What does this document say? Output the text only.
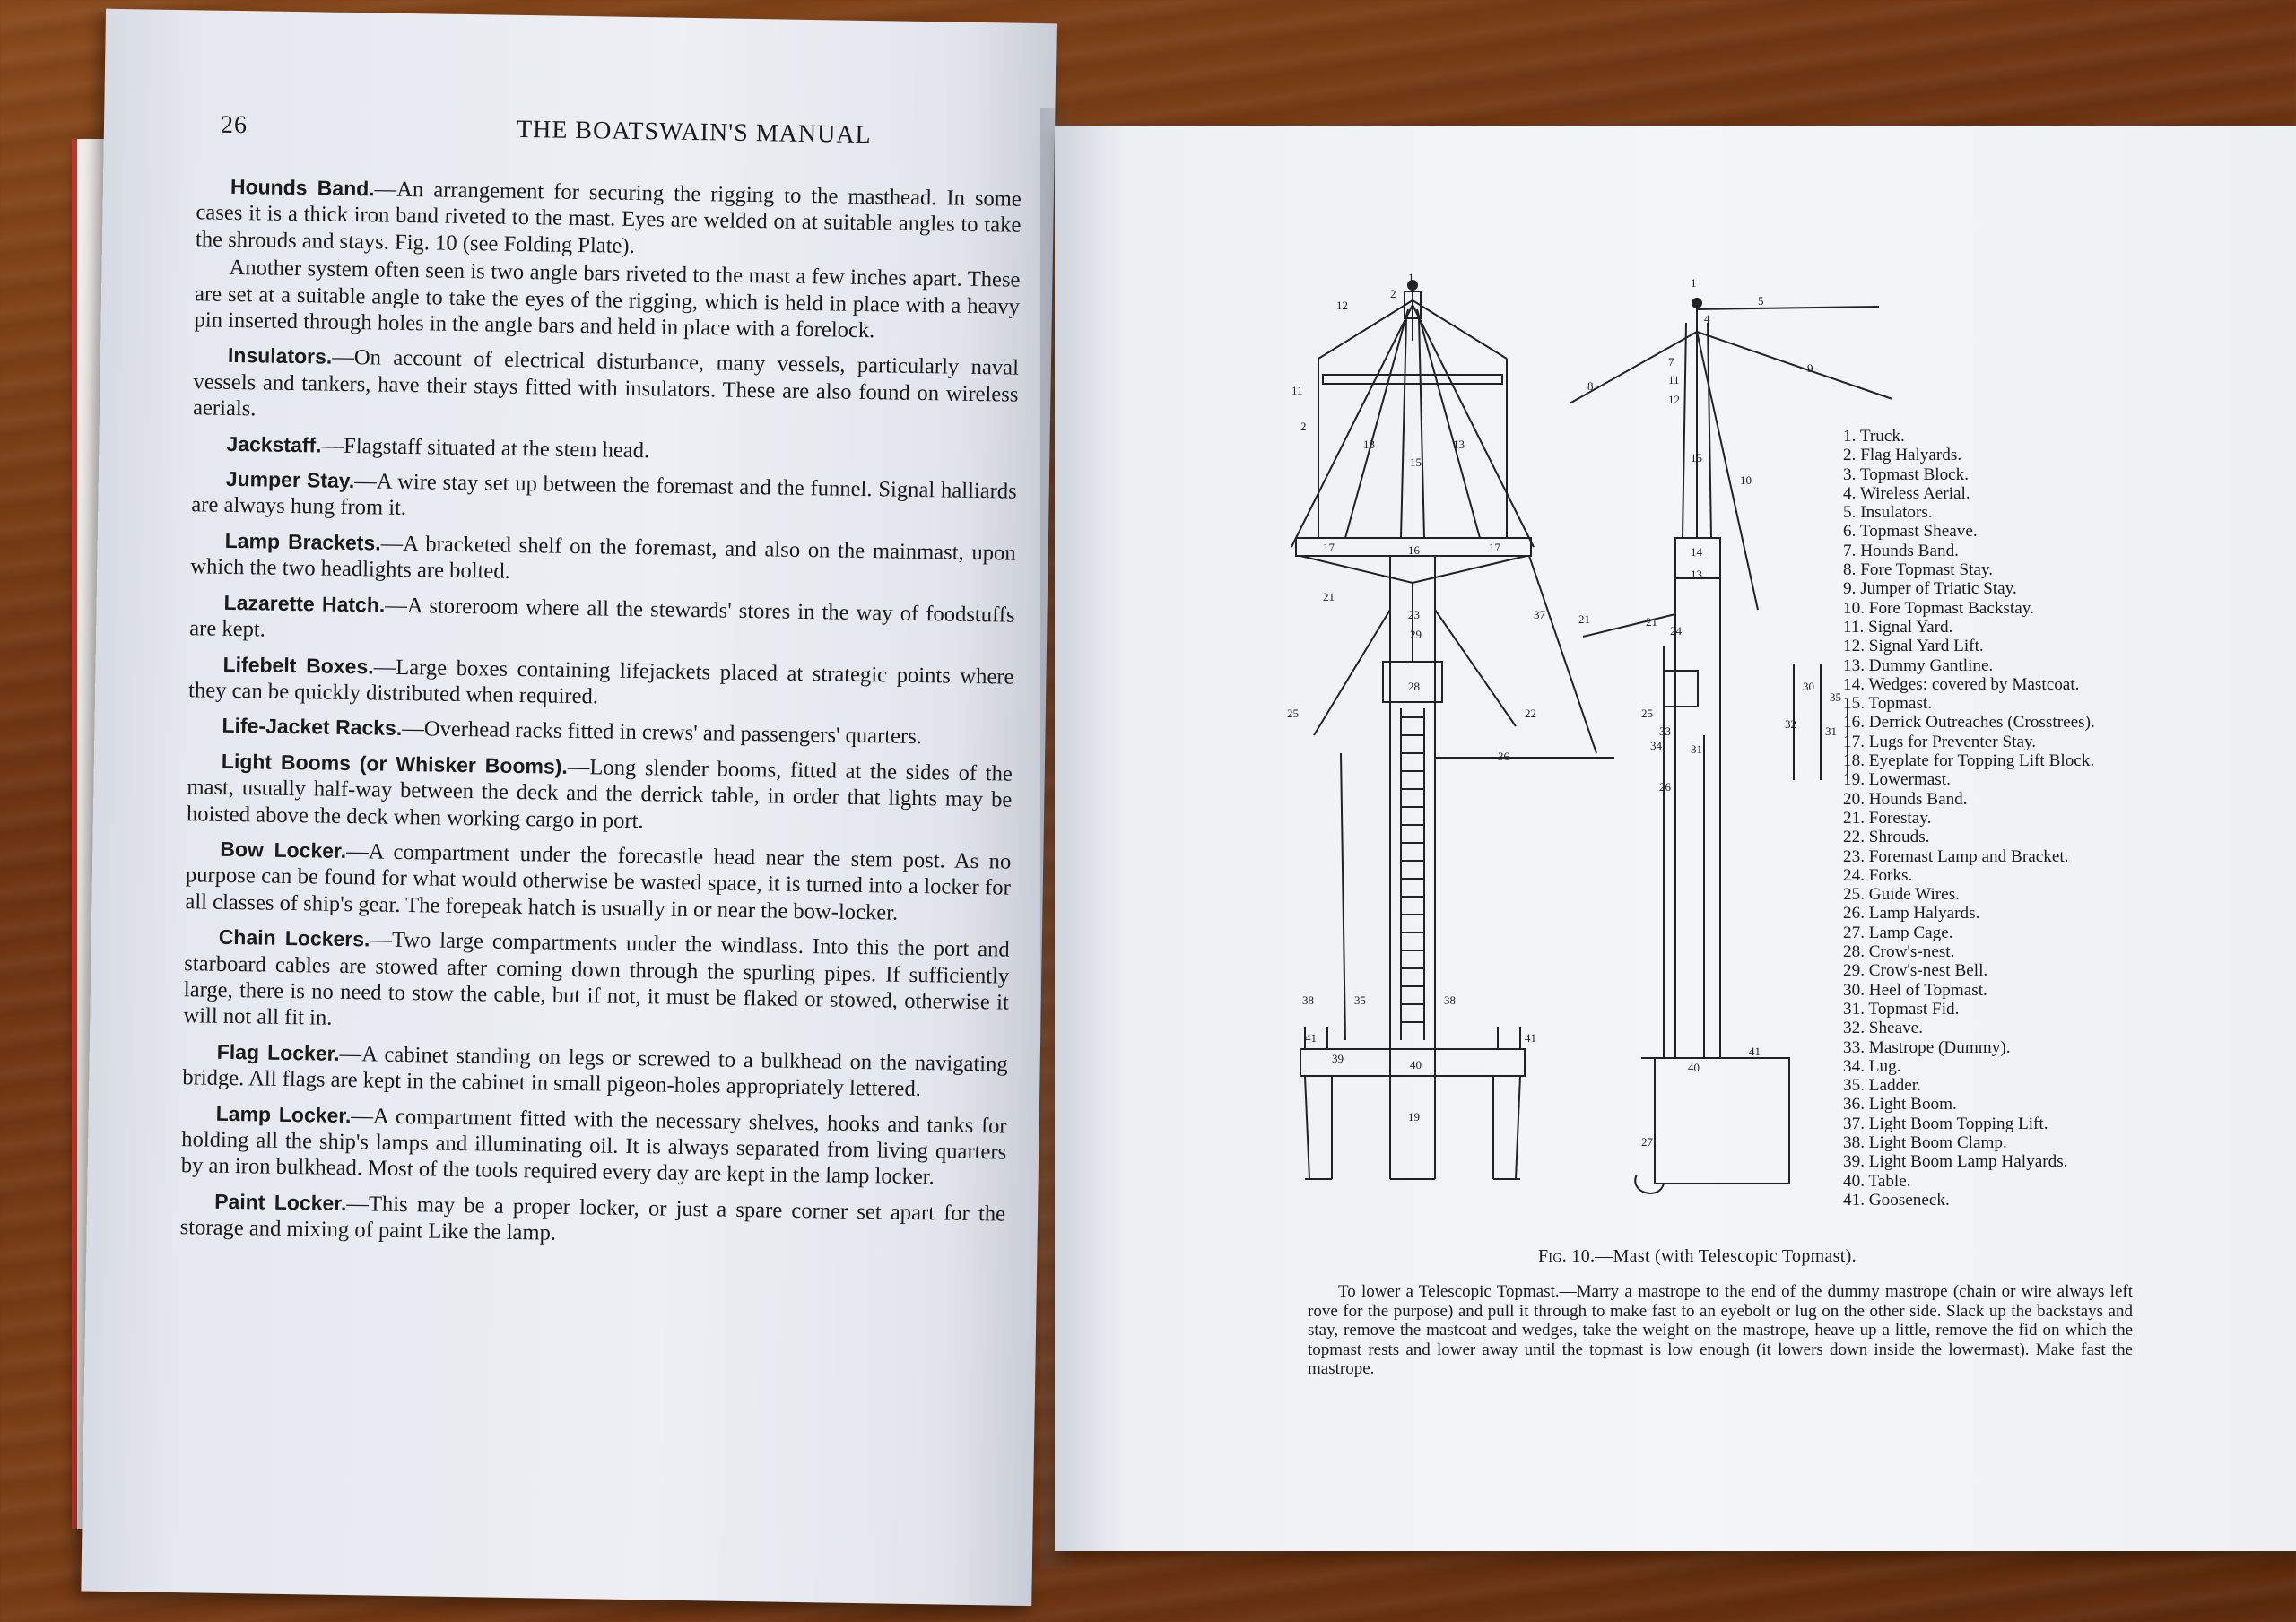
26	THE BOATSWAIN'S MANUAL

Hounds Band.—An arrangement for securing the rigging to the masthead. In some cases it is a thick iron band riveted to the mast. Eyes are welded on at suitable angles to take the shrouds and stays. Fig. 10 (see Folding Plate).

Another system often seen is two angle bars riveted to the mast a few inches apart. These are set at a suitable angle to take the eyes of the rigging, which is held in place with a heavy pin inserted through holes in the angle bars and held in place with a forelock.

Insulators.—On account of electrical disturbance, many vessels, particularly naval vessels and tankers, have their stays fitted with insulators. These are also found on wireless aerials.

Jackstaff.—Flagstaff situated at the stem head.

Jumper Stay.—A wire stay set up between the foremast and the funnel. Signal halliards are always hung from it.

Lamp Brackets.—A bracketed shelf on the foremast, and also on the mainmast, upon which the two headlights are bolted.

Lazarette Hatch.—A storeroom where all the stewards' stores in the way of foodstuffs are kept.

Lifebelt Boxes.—Large boxes containing lifejackets placed at strategic points where they can be quickly distributed when required.

Life-Jacket Racks.—Overhead racks fitted in crews' and passengers' quarters.

Light Booms (or Whisker Booms).—Long slender booms, fitted at the sides of the mast, usually half-way between the deck and the derrick table, in order that lights may be hoisted above the deck when working cargo in port.

Bow Locker.—A compartment under the forecastle head near the stem post. As no purpose can be found for what would otherwise be wasted space, it is turned into a locker for all classes of ship's gear. The forepeak hatch is usually in or near the bow-locker.

Chain Lockers.—Two large compartments under the windlass. Into this the port and starboard cables are stowed after coming down through the spurling pipes. If sufficiently large, there is no need to stow the cable, but if not, it must be flaked or stowed, otherwise it will not all fit in.

Flag Locker.—A cabinet standing on legs or screwed to a bulkhead on the navigating bridge. All flags are kept in the cabinet in small pigeon-holes appropriately lettered.

Lamp Locker.—A compartment fitted with the necessary shelves, hooks and tanks for holding all the ship's lamps and illuminating oil. It is always separated from living quarters by an iron bulkhead. Most of the tools required every day are kept in the lamp locker.

Paint Locker.—This may be a proper locker, or just a spare corner set apart for the storage and mixing of paint Like the lamp.

1
2
12
11
2
13	13
15
16
17	17
21
23
29
22
28
37
36
25
35
38	38
41	41
39	40
19
1
5
4
8
9
7
11
12
15
10
14
13
21	21
24
26
25
33
34 31
30
35
32
31
27
41
40
1. Truck.
2. Flag Halyards.
3. Topmast Block.
4. Wireless Aerial.
5. Insulators.
6. Topmast Sheave.
7. Hounds Band.
8. Fore Topmast Stay.
9. Jumper of Triatic Stay.
10. Fore Topmast Backstay.
11. Signal Yard.
12. Signal Yard Lift.
13. Dummy Gantline.
14. Wedges: covered by Mastcoat.
15. Topmast.
16. Derrick Outreaches (Crosstrees).
17. Lugs for Preventer Stay.
18. Eyeplate for Topping Lift Block.
19. Lowermast.
20. Hounds Band.
21. Forestay.
22. Shrouds.
23. Foremast Lamp and Bracket.
24. Forks.
25. Guide Wires.
26. Lamp Halyards.
27. Lamp Cage.
28. Crow's-nest.
29. Crow's-nest Bell.
30. Heel of Topmast.
31. Topmast Fid.
32. Sheave.
33. Mastrope (Dummy).
34. Lug.
35. Ladder.
36. Light Boom.
37. Light Boom Topping Lift.
38. Light Boom Clamp.
39. Light Boom Lamp Halyards.
40. Table.
41. Gooseneck.
Fig. 10.—Mast (with Telescopic Topmast).
To lower a Telescopic Topmast.—Marry a mastrope to the end of the dummy mastrope (chain or wire always left rove for the purpose) and pull it through to make fast to an eyebolt or lug on the other side. Slack up the backstays and stay, remove the mastcoat and wedges, take the weight on the mastrope, heave up a little, remove the fid on which the topmast rests and lower away until the topmast is low enough (it lowers down inside the lowermast). Make fast the mastrope.
